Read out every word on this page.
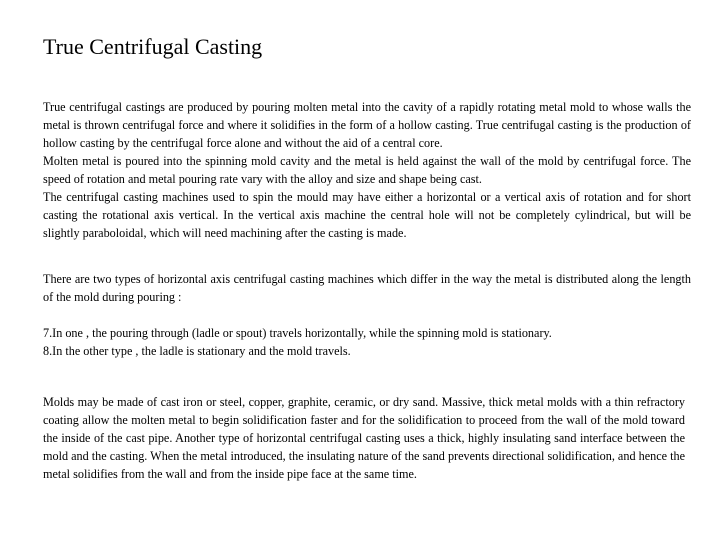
True Centrifugal Casting

True centrifugal castings are produced by pouring molten metal into the cavity of a rapidly rotating metal mold to whose walls the metal is thrown centrifugal force and where it solidifies in the form of a hollow casting. True centrifugal casting is the production of hollow casting by the centrifugal force alone and without the aid of a central core.

Molten metal is poured into the spinning mold cavity and the metal is held against the wall of the mold by centrifugal force. The speed of rotation and metal pouring rate vary with the alloy and size and shape being cast.

The centrifugal casting machines used to spin the mould may have either a horizontal or a vertical axis of rotation and for short casting the rotational axis vertical. In the vertical axis machine the central hole will not be completely cylindrical, but will be slightly paraboloidal, which will need machining after the casting is made.

There are two types of horizontal axis centrifugal casting machines which differ in the way the metal is distributed along the length of the mold during pouring :

7.In one , the pouring through (ladle or spout) travels horizontally, while the spinning mold is stationary.
8.In the other type , the ladle is stationary and the mold travels.

Molds may be made of cast iron or steel, copper, graphite, ceramic, or dry sand. Massive, thick metal molds with a thin refractory coating allow the molten metal to begin solidification faster and for the solidification to proceed from the wall of the mold toward the inside of the cast pipe. Another type of horizontal centrifugal casting uses a thick, highly insulating sand interface between the mold and the casting. When the metal introduced, the insulating nature of the sand prevents directional solidification, and hence the metal solidifies from the wall and from the inside pipe face at the same time.
